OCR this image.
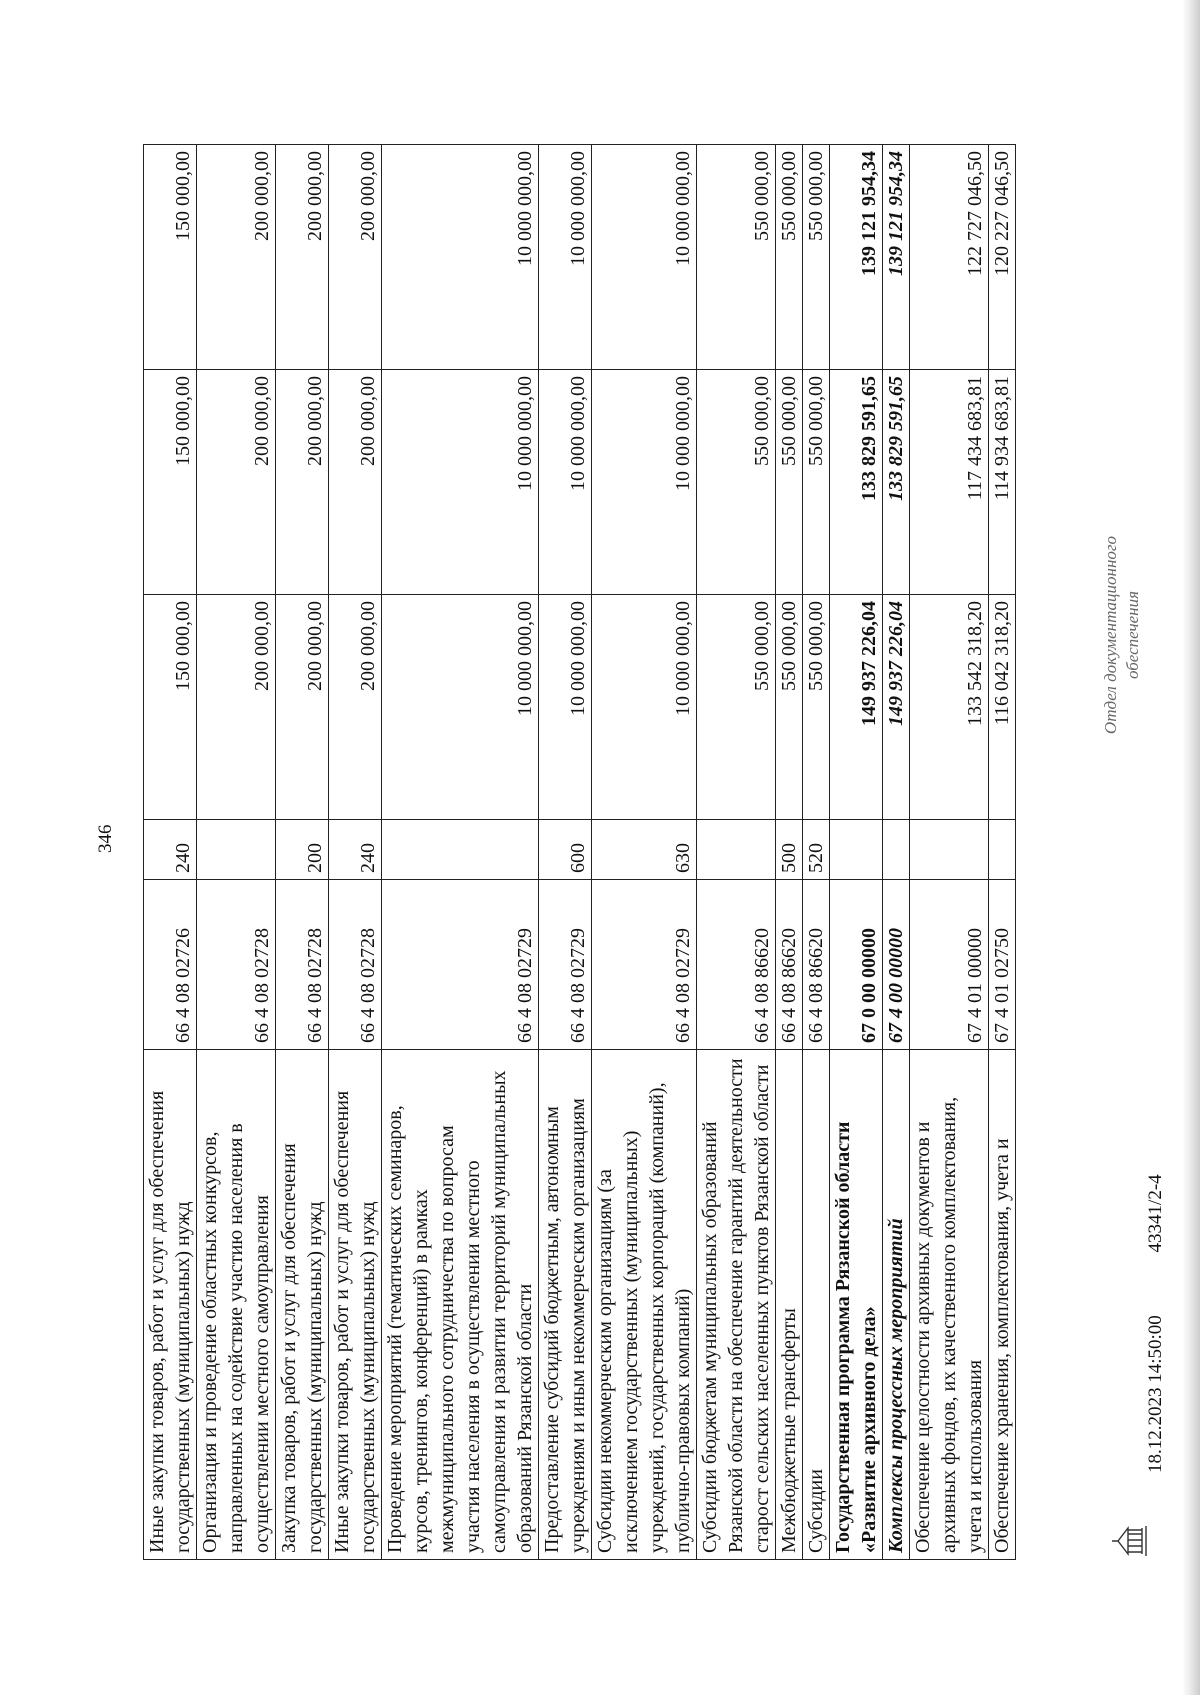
346
Иные закупки товаров, работ и услуг для обеспечения государственных (муниципальных) нужд	66 4 08 02726	240	150 000,00	150 000,00	150 000,00
Организация и проведение областных конкурсов, направленных на содействие участию населения в осуществлении местного самоуправления	66 4 08 02728		200 000,00	200 000,00	200 000,00
Закупка товаров, работ и услуг для обеспечения государственных (муниципальных) нужд	66 4 08 02728	200	200 000,00	200 000,00	200 000,00
Иные закупки товаров, работ и услуг для обеспечения государственных (муниципальных) нужд	66 4 08 02728	240	200 000,00	200 000,00	200 000,00
Проведение мероприятий (тематических семинаров, курсов, тренингов, конференций) в рамках межмуниципального сотрудничества по вопросам участия населения в осуществлении местного самоуправления и развитии территорий муниципальных образований Рязанской области	66 4 08 02729		10 000 000,00	10 000 000,00	10 000 000,00
Предоставление субсидий бюджетным, автономным учреждениям и иным некоммерческим организациям	66 4 08 02729	600	10 000 000,00	10 000 000,00	10 000 000,00
Субсидии некоммерческим организациям (за исключением государственных (муниципальных) учреждений, государственных корпораций (компаний), публично-правовых компаний)	66 4 08 02729	630	10 000 000,00	10 000 000,00	10 000 000,00
Субсидии бюджетам муниципальных образований Рязанской области на обеспечение гарантий деятельности старост сельских населенных пунктов Рязанской области	66 4 08 86620		550 000,00	550 000,00	550 000,00
Межбюджетные трансферты	66 4 08 86620	500	550 000,00	550 000,00	550 000,00
Субсидии	66 4 08 86620	520	550 000,00	550 000,00	550 000,00
Государственная программа Рязанской области «Развитие архивного дела»	67 0 00 00000		149 937 226,04	133 829 591,65	139 121 954,34
Комплексы процессных мероприятий	67 4 00 00000		149 937 226,04	133 829 591,65	139 121 954,34
Обеспечение целостности архивных документов и архивных фондов, их качественного комплектования, учета и использования	67 4 01 00000		133 542 318,20	117 434 683,81	122 727 046,50
Обеспечение хранения, комплектования, учета и	67 4 01 02750		116 042 318,20	114 934 683,81	120 227 046,50
18.12.2023 14:50:00 43341/2-4
Отдел документационного обеспечения
